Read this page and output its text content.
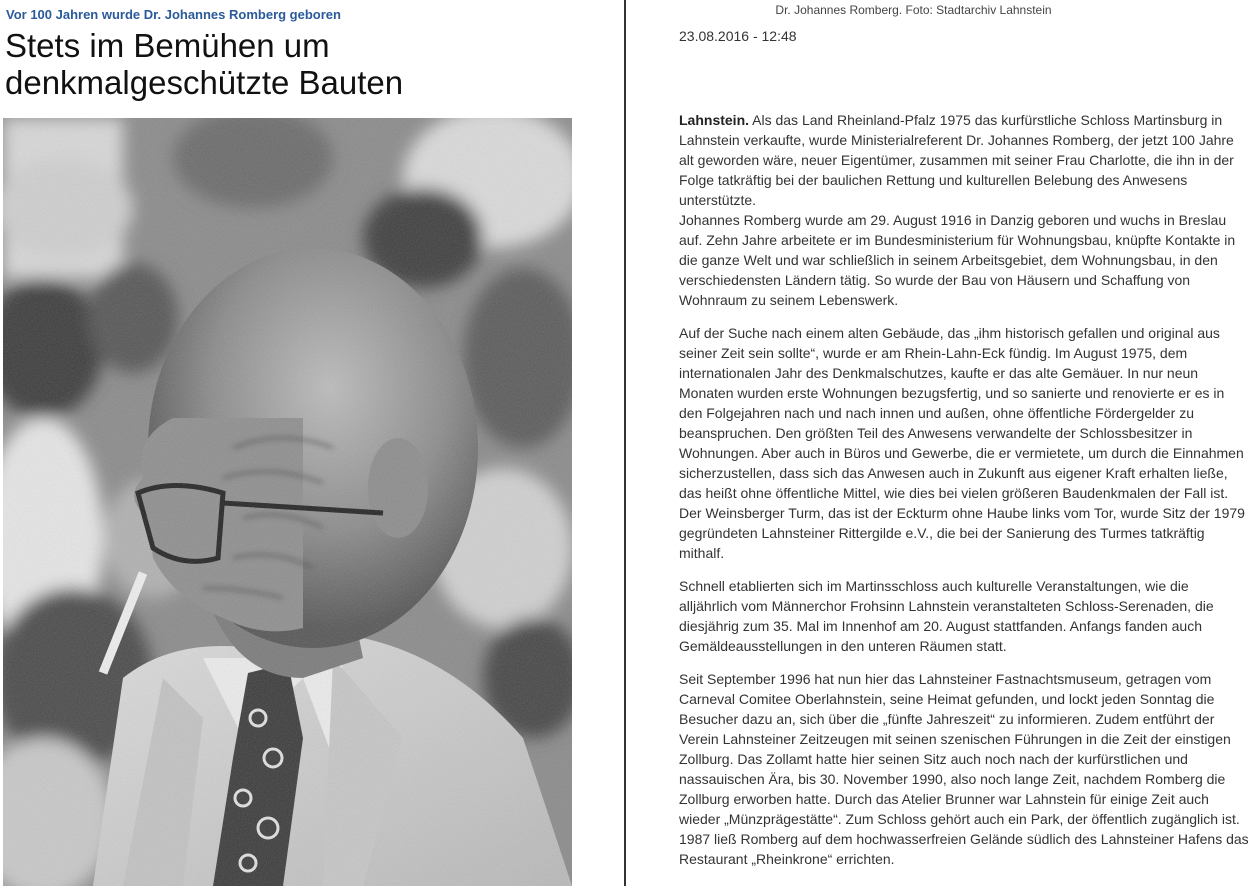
Vor 100 Jahren wurde Dr. Johannes Romberg geboren
Stets im Bemühen um denkmalgeschützte Bauten
Dr. Johannes Romberg. Foto: Stadtarchiv Lahnstein
23.08.2016 - 12:48

Lahnstein. Als das Land Rheinland-Pfalz 1975 das kurfürstliche Schloss Martinsburg in Lahnstein verkaufte, wurde Ministerialreferent Dr. Johannes Romberg, der jetzt 100 Jahre alt geworden wäre, neuer Eigentümer, zusammen mit seiner Frau Charlotte, die ihn in der Folge tatkräftig bei der baulichen Rettung und kulturellen Belebung des Anwesens unterstützte.
Johannes Romberg wurde am 29. August 1916 in Danzig geboren und wuchs in Breslau auf. Zehn Jahre arbeitete er im Bundesministerium für Wohnungsbau, knüpfte Kontakte in die ganze Welt und war schließlich in seinem Arbeitsgebiet, dem Wohnungsbau, in den verschiedensten Ländern tätig. So wurde der Bau von Häusern und Schaffung von Wohnraum zu seinem Lebenswerk.

Auf der Suche nach einem alten Gebäude, das „ihm historisch gefallen und original aus seiner Zeit sein sollte“, wurde er am Rhein-Lahn-Eck fündig. Im August 1975, dem internationalen Jahr des Denkmalschutzes, kaufte er das alte Gemäuer. In nur neun Monaten wurden erste Wohnungen bezugsfertig, und so sanierte und renovierte er es in den Folgejahren nach und nach innen und außen, ohne öffentliche Fördergelder zu beanspruchen. Den größten Teil des Anwesens verwandelte der Schlossbesitzer in Wohnungen. Aber auch in Büros und Gewerbe, die er vermietete, um durch die Einnahmen sicherzustellen, dass sich das Anwesen auch in Zukunft aus eigener Kraft erhalten ließe, das heißt ohne öffentliche Mittel, wie dies bei vielen größeren Baudenkmalen der Fall ist. Der Weinsberger Turm, das ist der Eckturm ohne Haube links vom Tor, wurde Sitz der 1979 gegründeten Lahnsteiner Rittergilde e.V., die bei der Sanierung des Turmes tatkräftig mithalf.

Schnell etablierten sich im Martinsschloss auch kulturelle Veranstaltungen, wie die alljährlich vom Männerchor Frohsinn Lahnstein veranstalteten Schloss-Serenaden, die diesjährig zum 35. Mal im Innenhof am 20. August stattfanden. Anfangs fanden auch Gemäldeausstellungen in den unteren Räumen statt.

Seit September 1996 hat nun hier das Lahnsteiner Fastnachtsmuseum, getragen vom Carneval Comitee Oberlahnstein, seine Heimat gefunden, und lockt jeden Sonntag die Besucher dazu an, sich über die „fünfte Jahreszeit“ zu informieren. Zudem entführt der Verein Lahnsteiner Zeitzeugen mit seinen szenischen Führungen in die Zeit der einstigen Zollburg. Das Zollamt hatte hier seinen Sitz auch noch nach der kurfürstlichen und nassauischen Ära, bis 30. November 1990, also noch lange Zeit, nachdem Romberg die Zollburg erworben hatte. Durch das Atelier Brunner war Lahnstein für einige Zeit auch wieder „Münzprägestätte“. Zum Schloss gehört auch ein Park, der öffentlich zugänglich ist. 1987 ließ Romberg auf dem hochwasserfreien Gelände südlich des Lahnsteiner Hafens das Restaurant „Rheinkrone“ errichten.
